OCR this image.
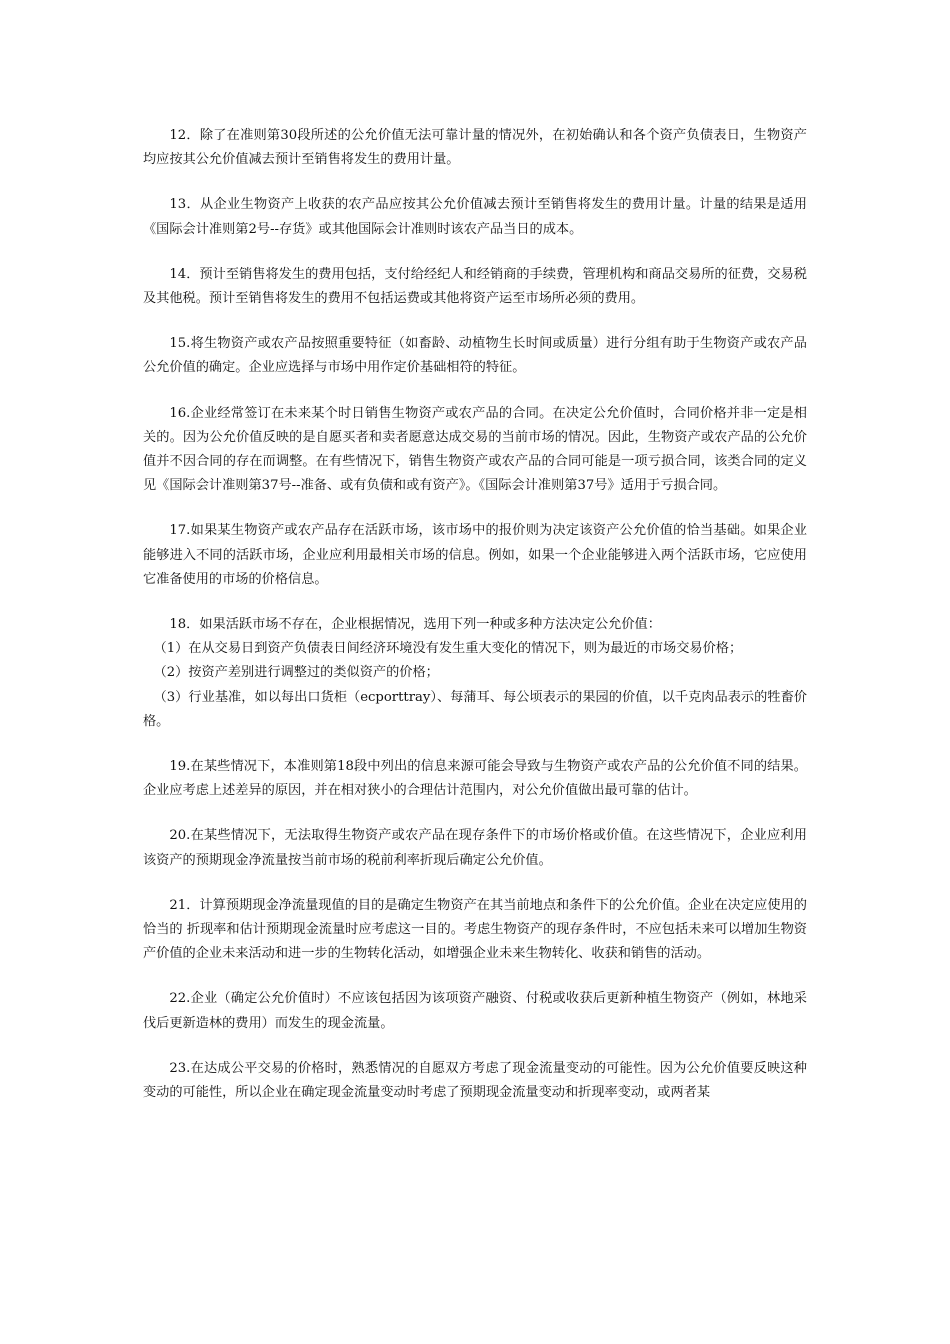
12．除了在准则第30段所述的公允价值无法可靠计量的情况外，在初始确认和各个资产负债表日，生物资产均应按其公允价值减去预计至销售将发生的费用计量。

13．从企业生物资产上收获的农产品应按其公允价值减去预计至销售将发生的费用计量。计量的结果是适用《国际会计准则第2号--存货》或其他国际会计准则时该农产品当日的成本。

14．预计至销售将发生的费用包括，支付给经纪人和经销商的手续费，管理机构和商品交易所的征费，交易税及其他税。预计至销售将发生的费用不包括运费或其他将资产运至市场所必须的费用。

15.将生物资产或农产品按照重要特征（如畜龄、动植物生长时间或质量）进行分组有助于生物资产或农产品公允价值的确定。企业应选择与市场中用作定价基础相符的特征。

16.企业经常签订在未来某个时日销售生物资产或农产品的合同。在决定公允价值时，合同价格并非一定是相关的。因为公允价值反映的是自愿买者和卖者愿意达成交易的当前市场的情况。因此，生物资产或农产品的公允价值并不因合同的存在而调整。在有些情况下，销售生物资产或农产品的合同可能是一项亏损合同，该类合同的定义见《国际会计准则第37号--准备、或有负债和或有资产》。《国际会计准则第37号》适用于亏损合同。

17.如果某生物资产或农产品存在活跃市场，该市场中的报价则为决定该资产公允价值的恰当基础。如果企业能够进入不同的活跃市场，企业应利用最相关市场的信息。例如，如果一个企业能够进入两个活跃市场，它应使用它准备使用的市场的价格信息。

18．如果活跃市场不存在，企业根据情况，选用下列一种或多种方法决定公允价值：

（1）在从交易日到资产负债表日间经济环境没有发生重大变化的情况下，则为最近的市场交易价格；

（2）按资产差别进行调整过的类似资产的价格；

（3）行业基准，如以每出口货柜（ecporttray）、每蒲耳、每公顷表示的果园的价值，以千克肉品表示的牲畜价格。

19.在某些情况下，本准则第18段中列出的信息来源可能会导致与生物资产或农产品的公允价值不同的结果。企业应考虑上述差异的原因，并在相对狭小的合理估计范围内，对公允价值做出最可靠的估计。

20.在某些情况下，无法取得生物资产或农产品在现存条件下的市场价格或价值。在这些情况下，企业应利用该资产的预期现金净流量按当前市场的税前利率折现后确定公允价值。

21．计算预期现金净流量现值的目的是确定生物资产在其当前地点和条件下的公允价值。企业在决定应使用的恰当的 折现率和估计预期现金流量时应考虑这一目的。考虑生物资产的现存条件时，不应包括未来可以增加生物资产价值的企业未来活动和进一步的生物转化活动，如增强企业未来生物转化、收获和销售的活动。

22.企业（确定公允价值时）不应该包括因为该项资产融资、付税或收获后更新种植生物资产（例如，林地采伐后更新造林的费用）而发生的现金流量。

23.在达成公平交易的价格时，熟悉情况的自愿双方考虑了现金流量变动的可能性。因为公允价值要反映这种变动的可能性，所以企业在确定现金流量变动时考虑了预期现金流量变动和折现率变动，或两者某
